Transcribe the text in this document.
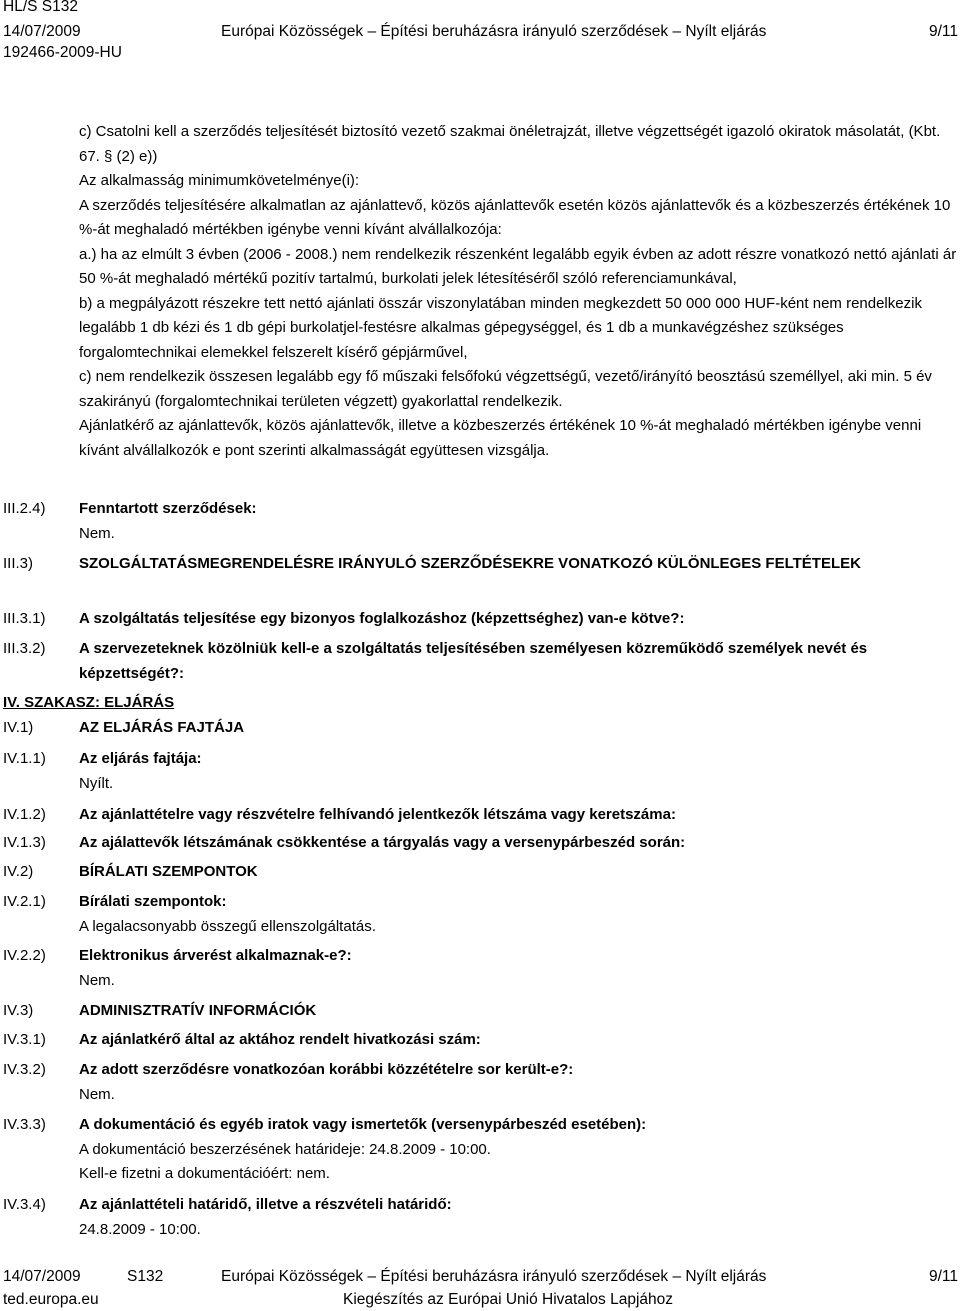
HL/S S132
14/07/2009	Európai Közösségek – Építési beruházásra irányuló szerződések – Nyílt eljárás	9/11
192466-2009-HU

c) Csatolni kell a szerződés teljesítését biztosító vezető szakmai önéletrajzát, illetve végzettségét igazoló okiratok másolatát, (Kbt. 67. § (2) e))

Az alkalmasság minimumkövetelménye(i):

A szerződés teljesítésére alkalmatlan az ajánlattevő, közös ajánlattevők esetén közös ajánlattevők és a közbeszerzés értékének 10 %-át meghaladó mértékben igénybe venni kívánt alvállalkozója:

a.) ha az elmúlt 3 évben (2006 - 2008.) nem rendelkezik részenként legalább egyik évben az adott részre vonatkozó nettó ajánlati ár 50 %-át meghaladó mértékű pozitív tartalmú, burkolati jelek létesítéséről szóló referenciamunkával,

b) a megpályázott részekre tett nettó ajánlati összár viszonylatában minden megkezdett 50 000 000 HUF-ként nem rendelkezik legalább 1 db kézi és 1 db gépi burkolatjel-festésre alkalmas gépegységgel, és 1 db a munkavégzéshez szükséges forgalomtechnikai elemekkel felszerelt kísérő gépjárművel,

c) nem rendelkezik összesen legalább egy fő műszaki felsőfokú végzettségű, vezető/irányító beosztású személlyel, aki min. 5 év szakirányú (forgalomtechnikai területen végzett) gyakorlattal rendelkezik.

Ajánlatkérő az ajánlattevők, közös ajánlattevők, illetve a közbeszerzés értékének 10 %-át meghaladó mértékben igénybe venni kívánt alvállalkozók e pont szerinti alkalmasságát együttesen vizsgálja.

III.2.4) Fenntartott szerződések:

Nem.

III.3)	SZOLGÁLTATÁSMEGRENDELÉSRE IRÁNYULÓ SZERZŐDÉSEKRE VONATKOZÓ KÜLÖNLEGES FELTÉTELEK

III.3.1) A szolgáltatás teljesítése egy bizonyos foglalkozáshoz (képzettséghez) van-e kötve?:

III.3.2) A szervezeteknek közölniük kell-e a szolgáltatás teljesítésében személyesen közreműködő személyek nevét és képzettségét?:

IV. SZAKASZ: ELJÁRÁS
IV.1)	AZ ELJÁRÁS FAJTÁJA

IV.1.1) Az eljárás fajtája:

Nyílt.

IV.1.2) Az ajánlattételre vagy részvételre felhívandó jelentkezők létszáma vagy keretszáma:

IV.1.3) Az ajálattevők létszámának csökkentése a tárgyalás vagy a versenypárbeszéd során:

IV.2)	BÍRÁLATI SZEMPONTOK

IV.2.1) Bírálati szempontok:

A legalacsonyabb összegű ellenszolgáltatás.

IV.2.2) Elektronikus árverést alkalmaznak-e?:

Nem.

IV.3)	ADMINISZTRATÍV INFORMÁCIÓK

IV.3.1) Az ajánlatkérő által az aktához rendelt hivatkozási szám:

IV.3.2) Az adott szerződésre vonatkozóan korábbi közzétételre sor került-e?:

Nem.

IV.3.3) A dokumentáció és egyéb iratok vagy ismertetők (versenypárbeszéd esetében):

A dokumentáció beszerzésének határideje: 24.8.2009 - 10:00.

Kell-e fizetni a dokumentációért: nem.

IV.3.4) Az ajánlattételi határidő, illetve a részvételi határidő:

24.8.2009 - 10:00.

14/07/2009	S132	Európai Közösségek – Építési beruházásra irányuló szerződések – Nyílt eljárás	9/11
ted.europa.eu	Kiegészítés az Európai Unió Hivatalos Lapjához
